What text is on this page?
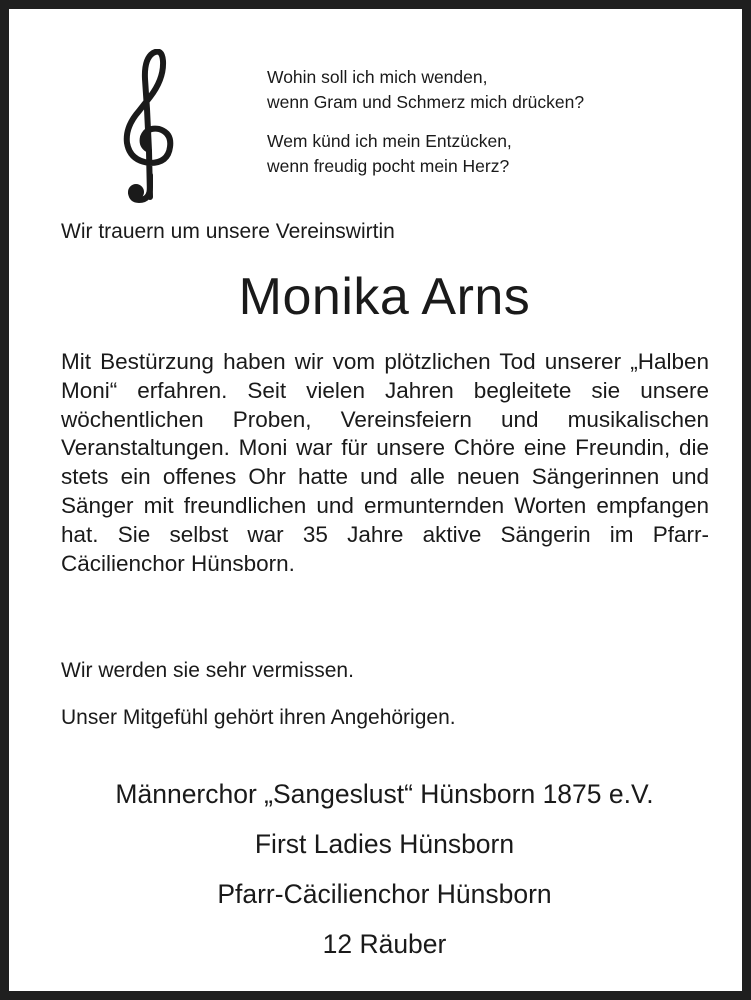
Wohin soll ich mich wenden,
wenn Gram und Schmerz mich drücken?
Wem künd ich mein Entzücken,
wenn freudig pocht mein Herz?
Wir trauern um unsere Vereinswirtin
Monika Arns

Mit Bestürzung haben wir vom plötzlichen Tod unserer „Halben Moni“ erfahren. Seit vielen Jahren begleitete sie unsere wöchentlichen Proben, Vereinsfeiern und musikalischen Veranstaltungen. Moni war für unsere Chöre eine Freundin, die stets ein offenes Ohr hatte und alle neuen Sängerinnen und Sänger mit freundlichen und ermunternden Worten empfangen hat. Sie selbst war 35 Jahre aktive Sängerin im Pfarr-Cäcilienchor Hünsborn.

Wir werden sie sehr vermissen.
Unser Mitgefühl gehört ihren Angehörigen.
Männerchor „Sangeslust“ Hünsborn 1875 e.V.
First Ladies Hünsborn
Pfarr-Cäcilienchor Hünsborn
12 Räuber
